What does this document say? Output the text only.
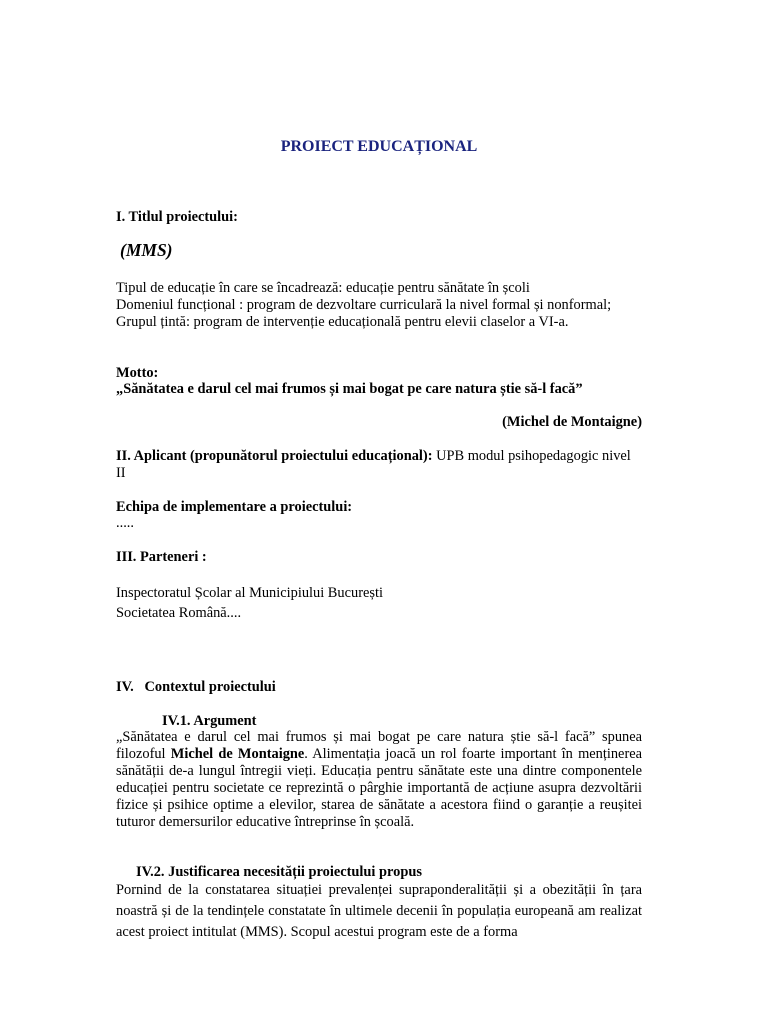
PROIECT EDUCAȚIONAL

I. Titlul proiectului:

(MMS)

Tipul de educație în care se încadrează: educație pentru sănătate în școli
Domeniul funcțional : program de dezvoltare curriculară la nivel formal și nonformal;
Grupul țintă: program de intervenție educațională pentru elevii claselor a VI-a.

Motto:

„Sănătatea e darul cel mai frumos și mai bogat pe care natura știe să-l facă”

(Michel de Montaigne)

II. Aplicant (propunătorul proiectului educațional): UPB modul psihopedagogic nivel II

Echipa de implementare a proiectului:

.....

III. Parteneri :

Inspectoratul Școlar al Municipiului București
Societatea Română....

IV.   Contextul proiectului

IV.1. Argument

„Sănătatea e darul cel mai frumos și mai bogat pe care natura știe să-l facă” spunea filozoful Michel de Montaigne. Alimentația joacă un rol foarte important în menținerea sănătății de-a lungul întregii vieți. Educația pentru sănătate este una dintre componentele educației pentru societate ce reprezintă o pârghie importantă de acțiune asupra dezvoltării fizice și psihice optime a elevilor, starea de sănătate a acestora fiind o garanție a reușitei tuturor demersurilor educative întreprinse în școală.

IV.2. Justificarea necesității proiectului propus

Pornind de la constatarea situației prevalenței supraponderalității și a obezității în țara noastră și de la tendințele constatate în ultimele decenii în populația europeană am realizat acest proiect intitulat (MMS). Scopul acestui program este de a forma
